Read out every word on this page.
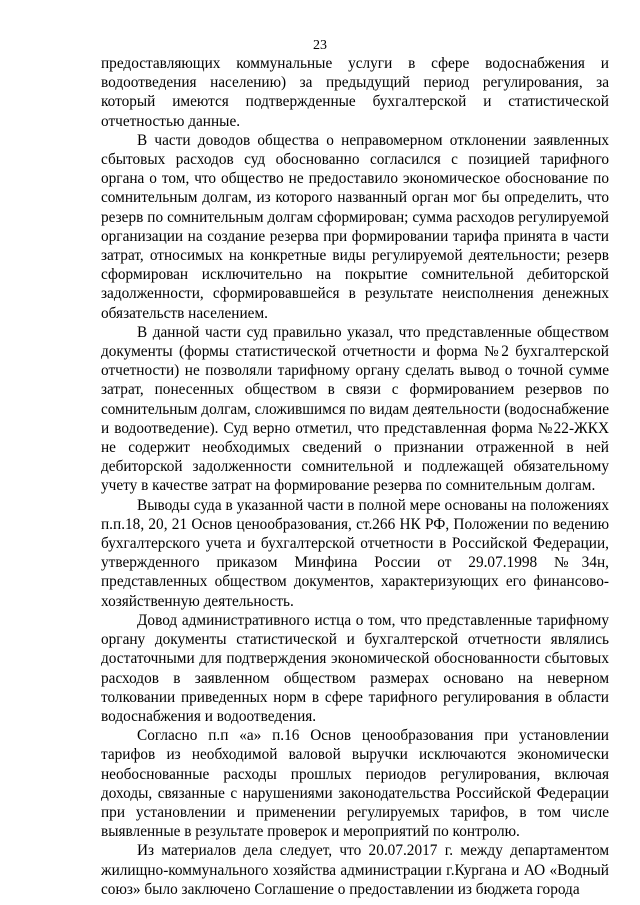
23

предоставляющих коммунальные услуги в сфере водоснабжения и водоотведения населению) за предыдущий период регулирования, за который имеются подтвержденные бухгалтерской и статистической отчетностью данные.

В части доводов общества о неправомерном отклонении заявленных сбытовых расходов суд обоснованно согласился с позицией тарифного органа о том, что общество не предоставило экономическое обоснование по сомнительным долгам, из которого названный орган мог бы определить, что резерв по сомнительным долгам сформирован; сумма расходов регулируемой организации на создание резерва при формировании тарифа принята в части затрат, относимых на конкретные виды регулируемой деятельности; резерв сформирован исключительно на покрытие сомнительной дебиторской задолженности, сформировавшейся в результате неисполнения денежных обязательств населением.

В данной части суд правильно указал, что представленные обществом документы (формы статистической отчетности и форма №2 бухгалтерской отчетности) не позволяли тарифному органу сделать вывод о точной сумме затрат, понесенных обществом в связи с формированием резервов по сомнительным долгам, сложившимся по видам деятельности (водоснабжение и водоотведение). Суд верно отметил, что представленная форма №22-ЖКХ не содержит необходимых сведений о признании отраженной в ней дебиторской задолженности сомнительной и подлежащей обязательному учету в качестве затрат на формирование резерва по сомнительным долгам.

Выводы суда в указанной части в полной мере основаны на положениях п.п.18, 20, 21 Основ ценообразования, ст.266 НК РФ, Положении по ведению бухгалтерского учета и бухгалтерской отчетности в Российской Федерации, утвержденного приказом Минфина России от 29.07.1998 №34н, представленных обществом документов, характеризующих его финансово-хозяйственную деятельность.

Довод административного истца о том, что представленные тарифному органу документы статистической и бухгалтерской отчетности являлись достаточными для подтверждения экономической обоснованности сбытовых расходов в заявленном обществом размерах основано на неверном толковании приведенных норм в сфере тарифного регулирования в области водоснабжения и водоотведения.

Согласно п.п «а» п.16 Основ ценообразования при установлении тарифов из необходимой валовой выручки исключаются экономически необоснованные расходы прошлых периодов регулирования, включая доходы, связанные с нарушениями законодательства Российской Федерации при установлении и применении регулируемых тарифов, в том числе выявленные в результате проверок и мероприятий по контролю.

Из материалов дела следует, что 20.07.2017 г. между департаментом жилищно-коммунального хозяйства администрации г.Кургана и АО «Водный союз» было заключено Соглашение о предоставлении из бюджета города
